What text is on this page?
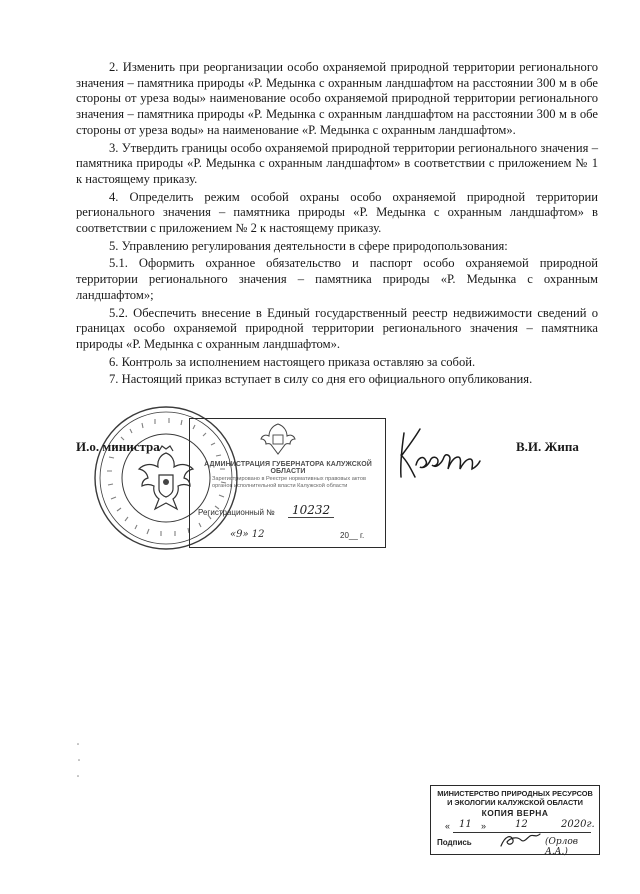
2. Изменить при реорганизации особо охраняемой природной территории регионального значения – памятника природы «Р. Медынка с охранным ландшафтом на расстоянии 300 м в обе стороны от уреза воды» наименование особо охраняемой природной территории регионального значения – памятника природы «Р. Медынка с охранным ландшафтом на расстоянии 300 м в обе стороны от уреза воды» на наименование «Р. Медынка с охранным ландшафтом».

3. Утвердить границы особо охраняемой природной территории регионального значения – памятника природы «Р. Медынка с охранным ландшафтом» в соответствии с приложением № 1 к настоящему приказу.

4. Определить режим особой охраны особо охраняемой природной территории регионального значения – памятника природы «Р. Медынка с охранным ландшафтом» в соответствии с приложением № 2 к настоящему приказу.

5. Управлению регулирования деятельности в сфере природопользования:

5.1. Оформить охранное обязательство и паспорт особо охраняемой природной территории регионального значения – памятника природы «Р. Медынка с охранным ландшафтом»;

5.2. Обеспечить внесение в Единый государственный реестр недвижимости сведений о границах особо охраняемой природной территории регионального значения – памятника природы «Р. Медынка с охранным ландшафтом».

6. Контроль за исполнением настоящего приказа оставляю за собой.

7. Настоящий приказ вступает в силу со дня его официального опубликования.

АДМИНИСТРАЦИЯ ГУБЕРНАТОРА КАЛУЖСКОЙ ОБЛАСТИ
Зарегистрировано в Реестре нормативных правовых актов органов исполнительной власти Калужской области
Регистрационный №	10232
«9» 12	20__ г.
И.о. министра	В.И. Жипа
МИНИСТЕРСТВО ПРИРОДНЫХ РЕСУРСОВ
И ЭКОЛОГИИ КАЛУЖСКОЙ ОБЛАСТИ
КОПИЯ ВЕРНА
« 11 »	12	2020г.
Подпись	(Орлов А.А.)
